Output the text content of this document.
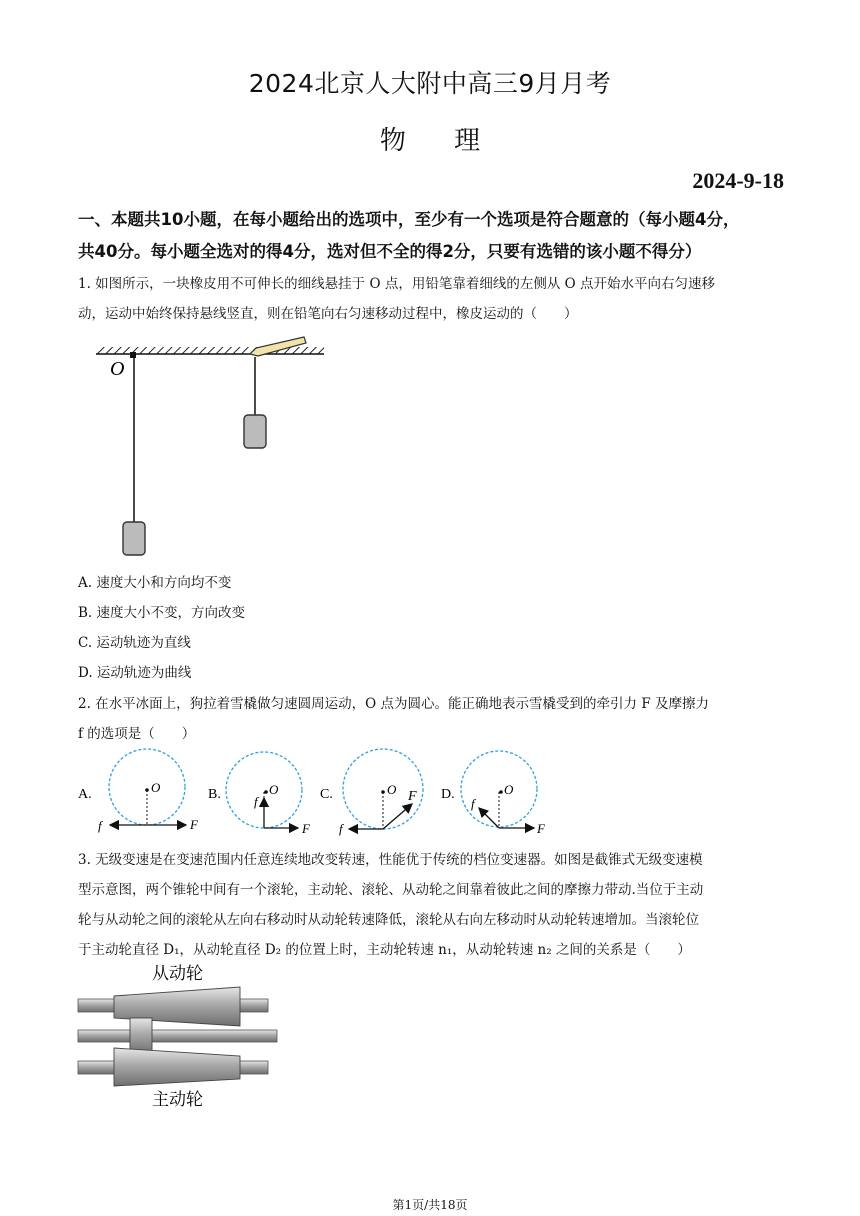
2024北京人大附中高三9月月考
物 理
2024-9-18
一、本题共10小题，在每小题给出的选项中，至少有一个选项是符合题意的（每小题4分，
共40分。每小题全选对的得4分，选对但不全的得2分，只要有选错的该小题不得分）
1. 如图所示，一块橡皮用不可伸长的细线悬挂于 O 点，用铅笔靠着细线的左侧从 O 点开始水平向右匀速移
动，运动中始终保持悬线竖直，则在铅笔向右匀速移动过程中，橡皮运动的（　　）
O
A. 速度大小和方向均不变
B. 速度大小不变，方向改变
C. 运动轨迹为直线
D. 运动轨迹为曲线
2. 在水平冰面上，狗拉着雪橇做匀速圆周运动，O 点为圆心。能正确地表示雪橇受到的牵引力 F 及摩擦力
f 的选项是（　　）
A.	O
F
f
B.	O
F
f	C.	O F
f
D.	O
F
f
3. 无级变速是在变速范围内任意连续地改变转速，性能优于传统的档位变速器。如图是截锥式无级变速模
型示意图，两个锥轮中间有一个滚轮，主动轮、滚轮、从动轮之间靠着彼此之间的摩擦力带动.当位于主动
轮与从动轮之间的滚轮从左向右移动时从动轮转速降低，滚轮从右向左移动时从动轮转速增加。当滚轮位
于主动轮直径 D₁，从动轮直径 D₂ 的位置上时，主动轮转速 n₁，从动轮转速 n₂ 之间的关系是（　　）
从动轮
主动轮
第1页/共18页
